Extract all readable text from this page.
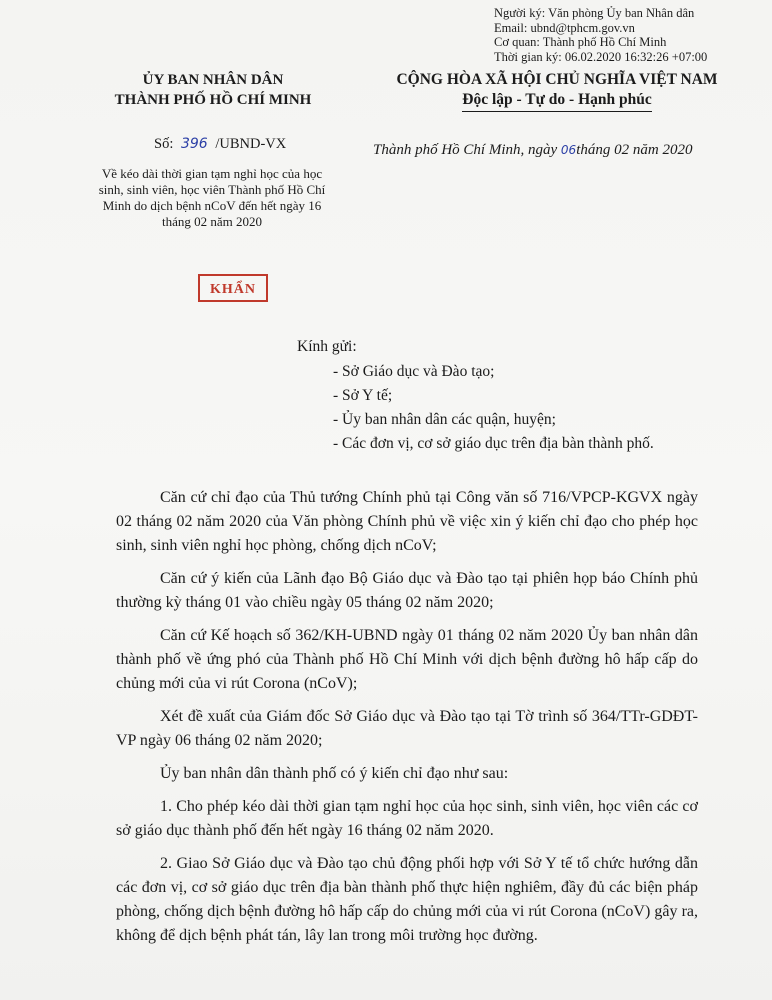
Người ký: Văn phòng Ủy ban Nhân dân
Email: ubnd@tphcm.gov.vn
Cơ quan: Thành phố Hồ Chí Minh
Thời gian ký: 06.02.2020 16:32:26 +07:00
ỦY BAN NHÂN DÂN
THÀNH PHỐ HỒ CHÍ MINH
CỘNG HÒA XÃ HỘI CHỦ NGHĨA VIỆT NAM
Độc lập - Tự do - Hạnh phúc
Số: 396 /UBND-VX	Thành phố Hồ Chí Minh, ngày 06tháng 02 năm 2020
Về kéo dài thời gian tạm nghỉ học của học sinh, sinh viên, học viên Thành phố Hồ Chí Minh do dịch bệnh nCoV đến hết ngày 16 tháng 02 năm 2020
KHẨN
Kính gửi:
- Sở Giáo dục và Đào tạo;
- Sở Y tế;
- Ủy ban nhân dân các quận, huyện;
- Các đơn vị, cơ sở giáo dục trên địa bàn thành phố.

Căn cứ chỉ đạo của Thủ tướng Chính phủ tại Công văn số 716/VPCP-KGVX ngày 02 tháng 02 năm 2020 của Văn phòng Chính phủ về việc xin ý kiến chỉ đạo cho phép học sinh, sinh viên nghỉ học phòng, chống dịch nCoV;

Căn cứ ý kiến của Lãnh đạo Bộ Giáo dục và Đào tạo tại phiên họp báo Chính phủ thường kỳ tháng 01 vào chiều ngày 05 tháng 02 năm 2020;

Căn cứ Kế hoạch số 362/KH-UBND ngày 01 tháng 02 năm 2020 Ủy ban nhân dân thành phố về ứng phó của Thành phố Hồ Chí Minh với dịch bệnh đường hô hấp cấp do chủng mới của vi rút Corona (nCoV);

Xét đề xuất của Giám đốc Sở Giáo dục và Đào tạo tại Tờ trình số 364/TTr-GDĐT-VP ngày 06 tháng 02 năm 2020;

Ủy ban nhân dân thành phố có ý kiến chỉ đạo như sau:

1. Cho phép kéo dài thời gian tạm nghỉ học của học sinh, sinh viên, học viên các cơ sở giáo dục thành phố đến hết ngày 16 tháng 02 năm 2020.

2. Giao Sở Giáo dục và Đào tạo chủ động phối hợp với Sở Y tế tổ chức hướng dẫn các đơn vị, cơ sở giáo dục trên địa bàn thành phố thực hiện nghiêm, đầy đủ các biện pháp phòng, chống dịch bệnh đường hô hấp cấp do chủng mới của vi rút Corona (nCoV) gây ra, không để dịch bệnh phát tán, lây lan trong môi trường học đường.
